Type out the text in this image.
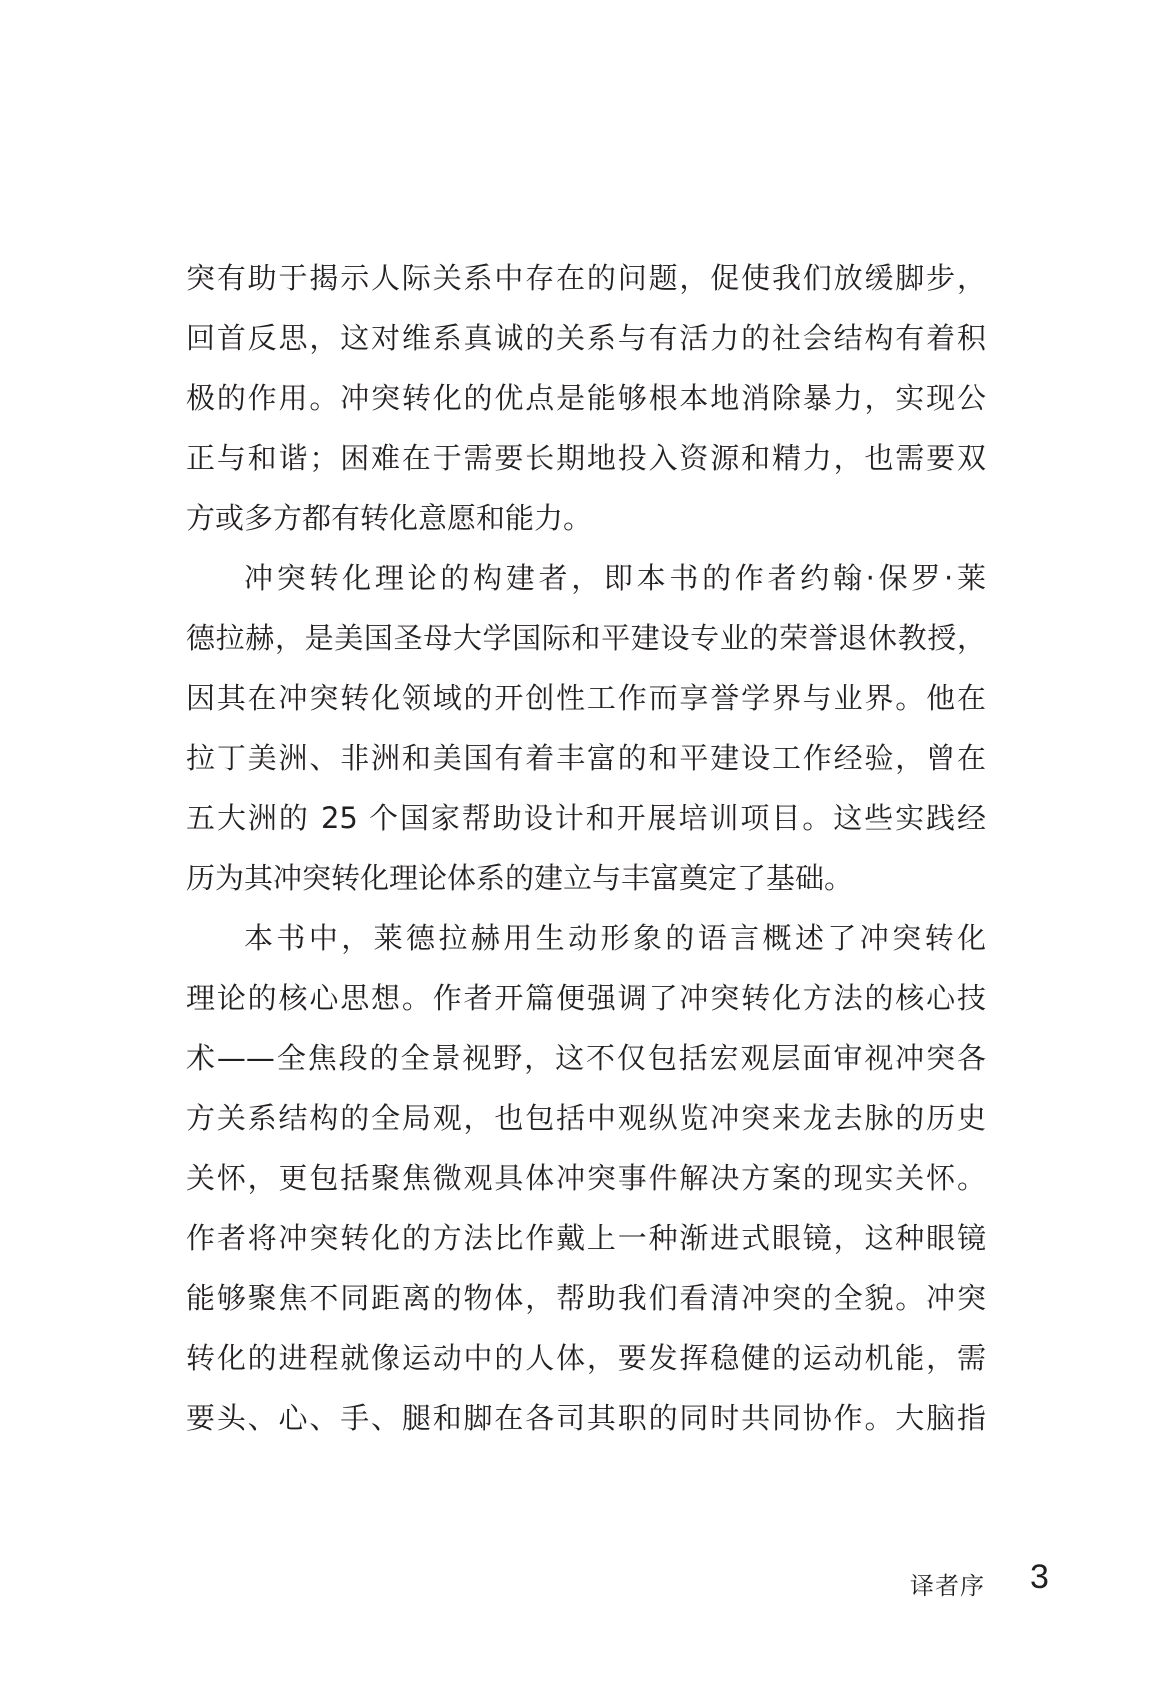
突有助于揭示人际关系中存在的问题，促使我们放缓脚步，
回首反思，这对维系真诚的关系与有活力的社会结构有着积
极的作用。冲突转化的优点是能够根本地消除暴力，实现公
正与和谐；困难在于需要长期地投入资源和精力，也需要双
方或多方都有转化意愿和能力。
冲突转化理论的构建者，即本书的作者约翰·保罗·莱
德拉赫，是美国圣母大学国际和平建设专业的荣誉退休教授，
因其在冲突转化领域的开创性工作而享誉学界与业界。他在
拉丁美洲、非洲和美国有着丰富的和平建设工作经验，曾在
五大洲的 25 个国家帮助设计和开展培训项目。这些实践经
历为其冲突转化理论体系的建立与丰富奠定了基础。
本书中，莱德拉赫用生动形象的语言概述了冲突转化
理论的核心思想。作者开篇便强调了冲突转化方法的核心技
术——全焦段的全景视野，这不仅包括宏观层面审视冲突各
方关系结构的全局观，也包括中观纵览冲突来龙去脉的历史
关怀，更包括聚焦微观具体冲突事件解决方案的现实关怀。
作者将冲突转化的方法比作戴上一种渐进式眼镜，这种眼镜
能够聚焦不同距离的物体，帮助我们看清冲突的全貌。冲突
转化的进程就像运动中的人体，要发挥稳健的运动机能，需
要头、心、手、腿和脚在各司其职的同时共同协作。大脑指
译者序 3
